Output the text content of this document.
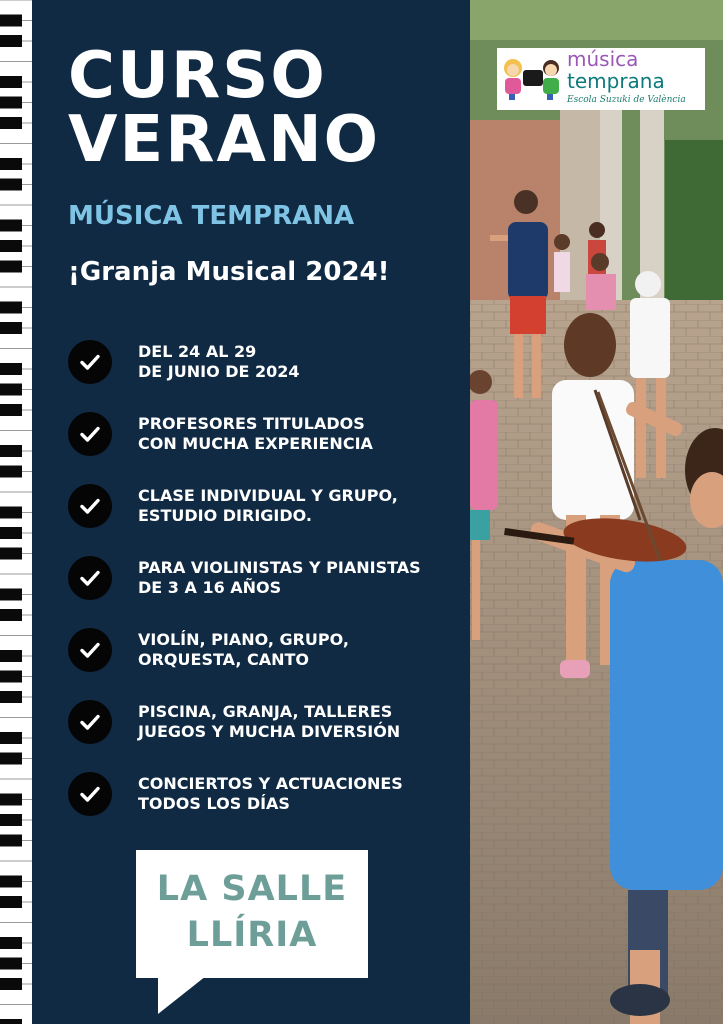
CURSO
VERANO
MÚSICA TEMPRANA
¡Granja Musical 2024!
DEL 24 AL 29
DE JUNIO DE 2024
PROFESORES TITULADOS
CON MUCHA EXPERIENCIA
CLASE INDIVIDUAL Y GRUPO,
ESTUDIO DIRIGIDO.
PARA VIOLINISTAS Y PIANISTAS
DE 3 A 16 AÑOS
VIOLÍN, PIANO, GRUPO,
ORQUESTA, CANTO
PISCINA, GRANJA, TALLERES
JUEGOS Y MUCHA DIVERSIÓN
CONCIERTOS Y ACTUACIONES
TODOS LOS DÍAS
LA SALLE
LLÍRIA
música
temprana
Escola Suzuki de València
